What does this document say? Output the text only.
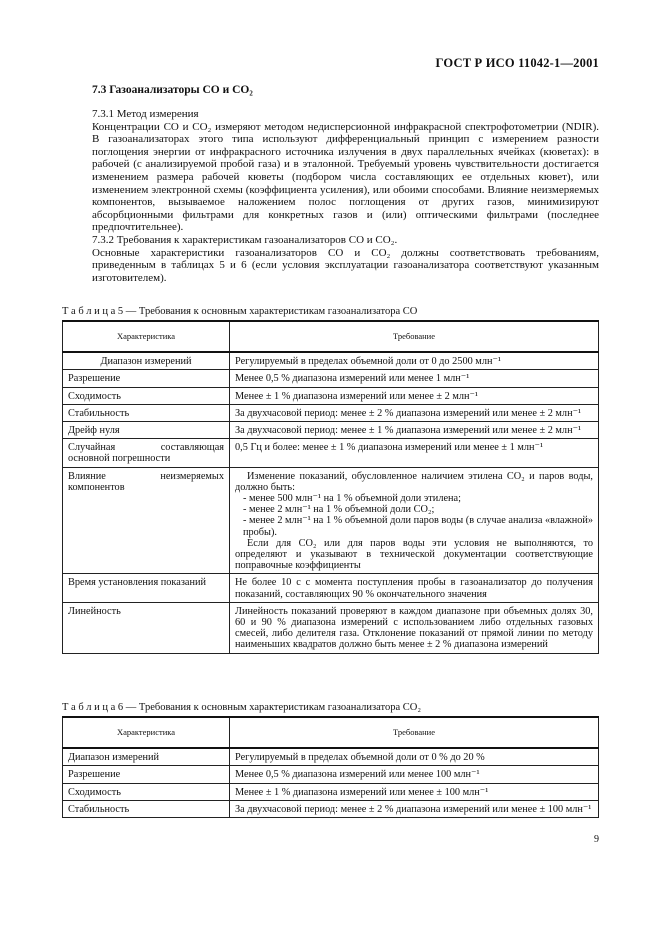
ГОСТ Р ИСО 11042-1—2001
7.3 Газоанализаторы СО и СО₂

7.3.1 Метод измерения

Концентрации СО и СО₂ измеряют методом недисперсионной инфракрасной спектрофотометрии (NDIR). В газоанализаторах этого типа используют дифференциальный принцип с измерением разности поглощения энергии от инфракрасного источника излучения в двух параллельных ячейках (кюветах): в рабочей (с анализируемой пробой газа) и в эталонной. Требуемый уровень чувствительности достигается изменением размера рабочей кюветы (подбором числа составляющих ее отдельных кювет), или изменением электронной схемы (коэффициента усиления), или обоими способами. Влияние неизмеряемых компонентов, вызываемое наложением полос поглощения от других газов, минимизируют абсорбционными фильтрами для конкретных газов и (или) оптическими фильтрами (последнее предпочтительнее).

7.3.2 Требования к характеристикам газоанализаторов СО и СО₂.

Основные характеристики газоанализаторов СО и СО₂ должны соответствовать требованиям, приведенным в таблицах 5 и 6 (если условия эксплуатации газоанализатора соответствуют указанным изготовителем).

Т а б л и ц а 5 — Требования к основным характеристикам газоанализатора СО
Характеристика	Требование
Диапазон измерений	Регулируемый в пределах объемной доли от 0 до 2500 млн⁻¹
Разрешение	Менее 0,5 % диапазона измерений или менее 1 млн⁻¹
Сходимость	Менее ± 1 % диапазона измерений или менее ± 2 млн⁻¹
Стабильность	За двухчасовой период: менее ± 2 % диапазона измерений или менее ± 2 млн⁻¹
Дрейф нуля	За двухчасовой период: менее ± 1 % диапазона измерений или менее ± 2 млн⁻¹
Случайная составляющая основной погрешности	0,5 Гц и более: менее ± 1 % диапазона измерений или менее ± 1 млн⁻¹
Влияние неизмеряемых компонентов	Изменение показаний, обусловленное наличием этилена СО₂ и паров воды, должно быть:
- менее 500 млн⁻¹ на 1 % объемной доли этилена;
- менее 2 млн⁻¹ на 1 % объемной доли СО₂;
- менее 2 млн⁻¹ на 1 % объемной доли паров воды (в случае анализа «влажной» пробы).
Если для СО₂ или для паров воды эти условия не выполняются, то определяют и указывают в технической документации соответствующие поправочные коэффициенты

Время установления показаний	Не более 10 с с момента поступления пробы в газоанализатор до получения показаний, составляющих 90 % окончательного значения
Линейность	Линейность показаний проверяют в каждом диапазоне при объемных долях 30, 60 и 90 % диапазона измерений с использованием либо отдельных газовых смесей, либо делителя газа. Отклонение показаний от прямой линии по методу наименьших квадратов должно быть менее ± 2 % диапазона измерений
Т а б л и ц а 6 — Требования к основным характеристикам газоанализатора СО₂
Характеристика	Требование
Диапазон измерений	Регулируемый в пределах объемной доли от 0 % до 20 %
Разрешение	Менее 0,5 % диапазона измерений или менее 100 млн⁻¹
Сходимость	Менее ± 1 % диапазона измерений или менее ± 100 млн⁻¹
Стабильность	За двухчасовой период: менее ± 2 % диапазона измерений или менее ± 100 млн⁻¹
9
